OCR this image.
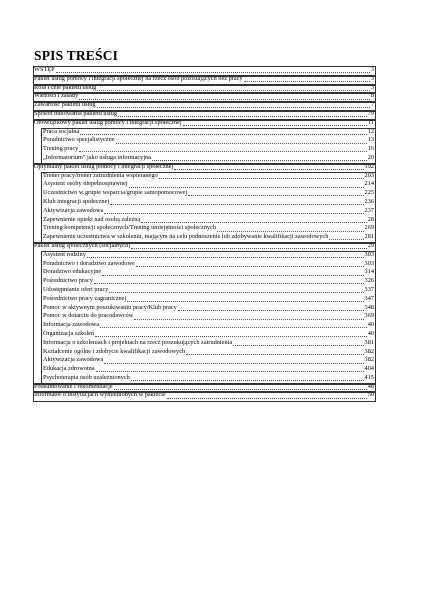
SPIS TREŚCI
WSTĘP	3
Pakiet usług pomocy i integracji społecznej na rzecz osób pozostających bez pracy	3
Rola i cele pakietu usług	3
Wartości i zasady	8
Zawartość pakietu usług	7
Sposób budowania pakietu usług	79
Obowiązkowy pakiet usług pomocy i integracji społecznej	11
Praca socjalna	12
Poradnictwo specjalistyczne	13
Trening pracy	16
„Informatorium" jako usługa informacyjna	20
Optymalny pakiet usług pomocy i integracji społecznej	192
Trener pracy/trener zatrudnienia wspieranego	203
Asystent osoby niepełnosprawnej	214
Uczestnictwo w grupie wsparcia/grupie samopomocowej	225
Klub integracji społecznej	236
Aktywizacja zawodowa	237
Zapewnienie opieki nad osobą zależną	28
Trening kompetencji społecznych/Trening umiejętności społecznych	269
Zapewnienie uczestnictwa w szkoleniu, mającym na celu podnoszenie lub zdobywanie kwalifikacji zawodowych	281
Pakiet usług społecznych (socjalnych)	29
Asystent rodziny	303
Poradnictwo i doradztwo zawodowe	303
Doradztwo edukacyjne	314
Pośrednictwo pracy	326
Udostępnianie ofert pracy	337
Pośrednictwo pracy zagranicznej	347
Pomoc w aktywnym poszukiwaniu pracy/Klub pracy	348
Pomoc w dotarciu do pracodawców	369
Informacja zawodowa	40
Organizacja szkoleń	40
Informacja o szkoleniach i projektach na rzecz poszukujących zatrudnienia	381
Kształcenie ogólne i zdobycie kwalifikacji zawodowych	382
Aktywizacja zawodowa	382
Edukacja zdrowotna	404
Psychoterapia osób uzależnionych	415
Podsumowanie i rekomendacje	48
Informator o instytucjach wymienionych w pakiecie	50
